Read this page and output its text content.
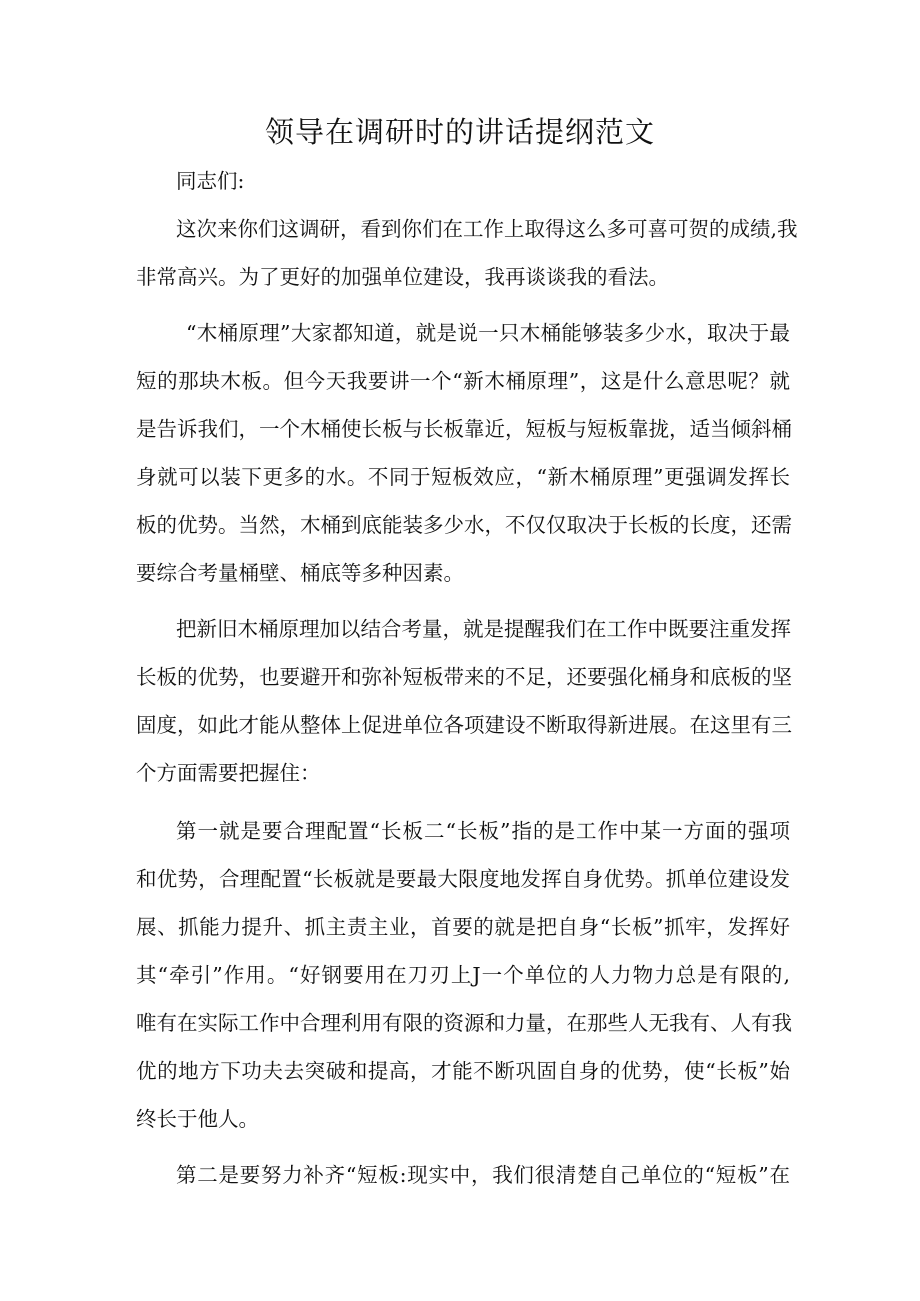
领导在调研时的讲话提纲范文
同志们:
这次来你们这调研，看到你们在工作上取得这么多可喜可贺的成绩,我
非常高兴。为了更好的加强单位建设，我再谈谈我的看法。
“木桶原理”大家都知道，就是说一只木桶能够装多少水，取决于最
短的那块木板。但今天我要讲一个“新木桶原理”，这是什么意思呢？就
是告诉我们，一个木桶使长板与长板靠近，短板与短板靠拢，适当倾斜桶
身就可以装下更多的水。不同于短板效应，“新木桶原理”更强调发挥长
板的优势。当然，木桶到底能装多少水，不仅仅取决于长板的长度，还需
要综合考量桶壁、桶底等多种因素。
把新旧木桶原理加以结合考量，就是提醒我们在工作中既要注重发挥
长板的优势，也要避开和弥补短板带来的不足，还要强化桶身和底板的坚
固度，如此才能从整体上促进单位各项建设不断取得新进展。在这里有三
个方面需要把握住：
第一就是要合理配置“长板二“长板”指的是工作中某一方面的强项
和优势，合理配置“长板就是要最大限度地发挥自身优势。抓单位建设发
展、抓能力提升、抓主责主业，首要的就是把自身“长板”抓牢，发挥好
其“牵引”作用。“好钢要用在刀刃上J一个单位的人力物力总是有限的,
唯有在实际工作中合理利用有限的资源和力量，在那些人无我有、人有我
优的地方下功夫去突破和提高，才能不断巩固自身的优势，使“长板”始
终长于他人。
第二是要努力补齐“短板:现实中，我们很清楚自己单位的“短板”在
